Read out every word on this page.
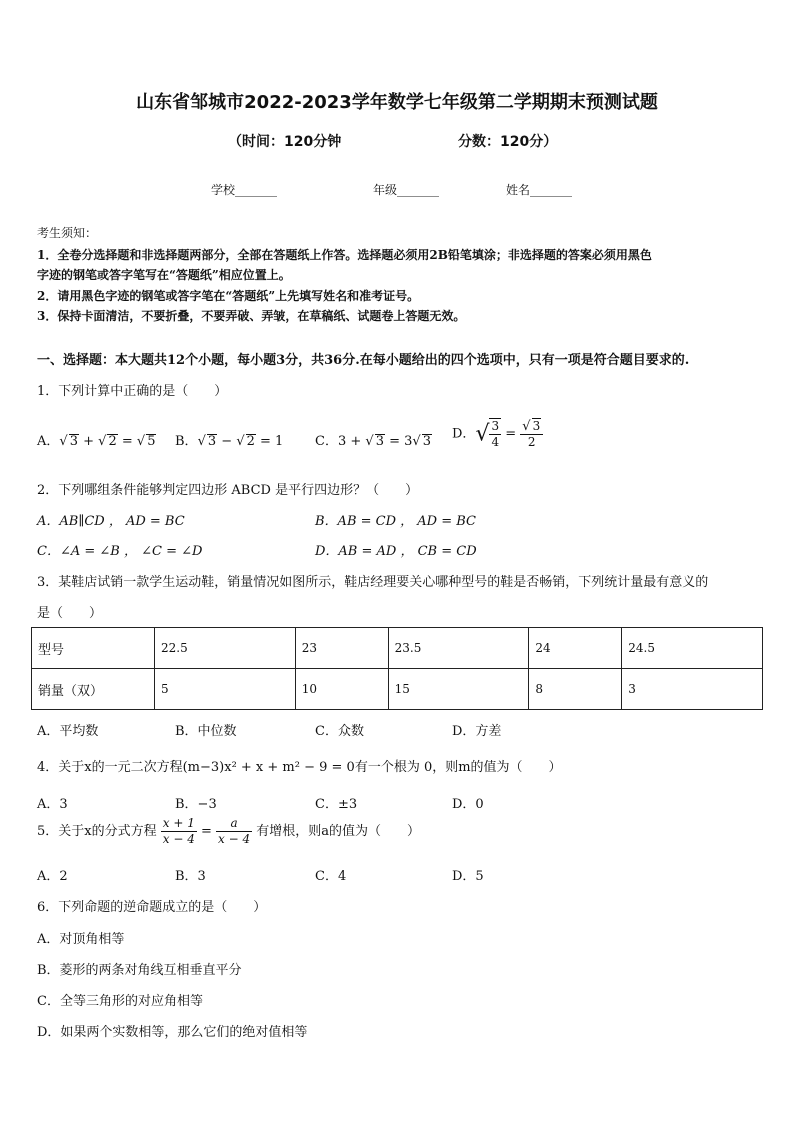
山东省邹城市2022-2023学年数学七年级第二学期期末预测试题
（时间：120分钟	分数：120分）
学校_______	年级_______	姓名_______
考生须知：
1．全卷分选择题和非选择题两部分，全部在答题纸上作答。选择题必须用2B铅笔填涂；非选择题的答案必须用黑色
字迹的钢笔或答字笔写在“答题纸”相应位置上。
2．请用黑色字迹的钢笔或答字笔在“答题纸”上先填写姓名和准考证号。
3．保持卡面清洁，不要折叠，不要弄破、弄皱，在草稿纸、试题卷上答题无效。
一、选择题：本大题共12个小题，每小题3分，共36分.在每小题给出的四个选项中，只有一项是符合题目要求的.
1．下列计算中正确的是（　　）
A．√ 3 + √ 2 = √ 5 B．√ 3 − √ 2 = 1 C．3 + √ 3 = 3√ 3 D．√ $\frac{3}{4} = \frac{√ 3}{2}$
2．下列哪组条件能够判定四边形 ABCD 是平行四边形？（　　）
A．AB∥CD ， AD = BC	B．AB = CD ， AD = BC
C．∠A = ∠B ， ∠C = ∠D	D．AB = AD ， CB = CD
3．某鞋店试销一款学生运动鞋，销量情况如图所示，鞋店经理要关心哪种型号的鞋是否畅销，下列统计量最有意义的
是（　　）
型号	22.5	23	23.5	24	24.5
销量（双）	5	10	15	8	3
A．平均数	B．中位数	C．众数	D．方差
4．关于x的一元二次方程(m−3)x² + x + m² − 9 = 0有一个根为 0，则m的值为（　　）
A．3	B．−3	C．±3	D．0
5．关于x的分式方程 $\frac{x + 1}{x - 4} = \frac{a}{x - 4}$ 有增根，则a的值为（　　）
A．2	B．3	C．4	D．5
6．下列命题的逆命题成立的是（　　）
A．对顶角相等
B．菱形的两条对角线互相垂直平分
C．全等三角形的对应角相等
D．如果两个实数相等，那么它们的绝对值相等
